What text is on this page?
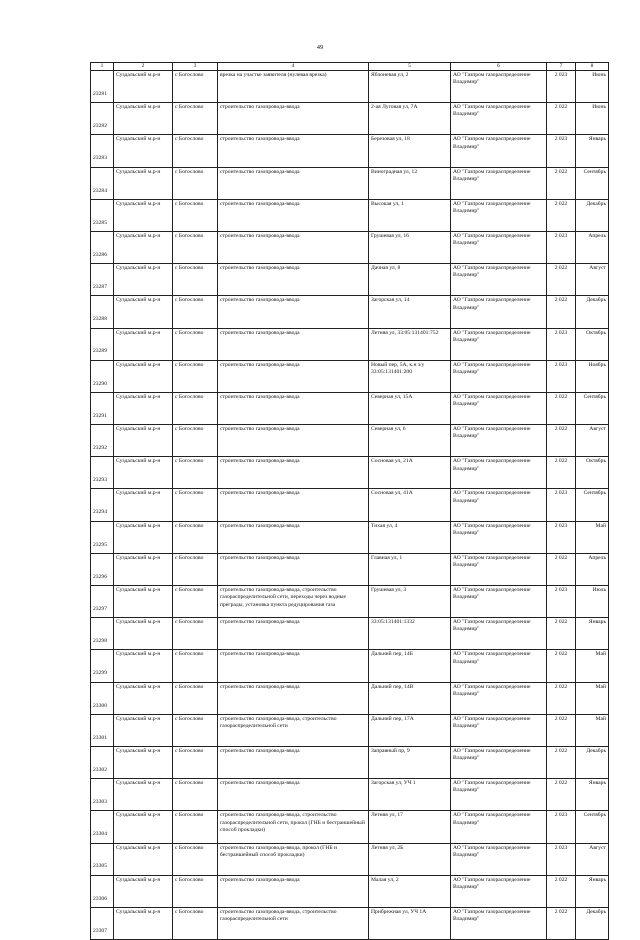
49
1	2	3	4	5	6	7	8
23281	Суздальский м.р-н	с Богослово	врезка на участке заявителя (нулевая врезка)	Яблоневая ул, 2	АО "Газпром газораспределение Владимир"	2 023	Июнь
23282	Суздальский м.р-н	с Богослово	строительство газопровода-ввода	2-ая Луговая ул, 7А	АО "Газпром газораспределение Владимир"	2 022	Июнь
23283	Суздальский м.р-н	с Богослово	строительство газопровода-ввода	Березовая ул, 18	АО "Газпром газораспределение Владимир"	2 023	Январь
23284	Суздальский м.р-н	с Богослово	строительство газопровода-ввода	Виноградная ул, 12	АО "Газпром газораспределение Владимир"	2 022	Сентябрь
23285	Суздальский м.р-н	с Богослово	строительство газопровода-ввода	Высокая ул, 1	АО "Газпром газораспределение Владимир"	2 022	Декабрь
23286	Суздальский м.р-н	с Богослово	строительство газопровода-ввода	Грушевая ул, 16	АО "Газпром газораспределение Владимир"	2 023	Апрель
23287	Суздальский м.р-н	с Богослово	строительство газопровода-ввода	Дачная ул, 8	АО "Газпром газораспределение Владимир"	2 022	Август
23288	Суздальский м.р-н	с Богослово	строительство газопровода-ввода	Загорская ул, 14	АО "Газпром газораспределение Владимир"	2 022	Декабрь
23289	Суздальский м.р-н	с Богослово	строительство газопровода-ввода	Летняя ул, 33:05:131401:752	АО "Газпром газораспределение Владимир"	2 023	Октябрь
23290	Суздальский м.р-н	с Богослово	строительство газопровода-ввода	Новый пер, 5А, к.н з/у 33:05:131401:200	АО "Газпром газораспределение Владимир"	2 023	Ноябрь
23291	Суздальский м.р-н	с Богослово	строительство газопровода-ввода	Северная ул, 15А	АО "Газпром газораспределение Владимир"	2 022	Сентябрь
23292	Суздальский м.р-н	с Богослово	строительство газопровода-ввода	Северная ул, 6	АО "Газпром газораспределение Владимир"	2 022	Август
23293	Суздальский м.р-н	с Богослово	строительство газопровода-ввода	Сосновая ул, 21А	АО "Газпром газораспределение Владимир"	2 022	Октябрь
23294	Суздальский м.р-н	с Богослово	строительство газопровода-ввода	Сосновая ул, 41А	АО "Газпром газораспределение Владимир"	2 023	Сентябрь
23295	Суздальский м.р-н	с Богослово	строительство газопровода-ввода	Тихая ул, 4	АО "Газпром газораспределение Владимир"	2 023	Май
23296	Суздальский м.р-н	с Богослово	строительство газопровода-ввода	Главная ул, 1	АО "Газпром газораспределение Владимир"	2 022	Апрель
23297	Суздальский м.р-н	с Богослово	строительство газопровода-ввода, строительство газораспределительной сети, переходы через водные преграды, установка пункта редуцирования газа	Грушевая ул, 3	АО "Газпром газораспределение Владимир"	2 023	Июль
23298	Суздальский м.р-н	с Богослово	строительство газопровода-ввода	33:05:131401:1332	АО "Газпром газораспределение Владимир"	2 022	Январь
23299	Суздальский м.р-н	с Богослово	строительство газопровода-ввода	Дальний пер, 14Б	АО "Газпром газораспределение Владимир"	2 022	Май
23300	Суздальский м.р-н	с Богослово	строительство газопровода-ввода	Дальний пер, 14В	АО "Газпром газораспределение Владимир"	2 022	Май
23301	Суздальский м.р-н	с Богослово	строительство газопровода-ввода, строительство газораспределительной сети	Дальний пер, 17А	АО "Газпром газораспределение Владимир"	2 022	Май
23302	Суздальский м.р-н	с Богослово	строительство газопровода-ввода	Заправный пр, 9	АО "Газпром газораспределение Владимир"	2 022	Декабрь
23303	Суздальский м.р-н	с Богослово	строительство газопровода-ввода	Загорская ул, УЧ 1	АО "Газпром газораспределение Владимир"	2 022	Январь
23304	Суздальский м.р-н	с Богослово	строительство газопровода-ввода, строительство газораспределительной сети, прокол (ГНБ и бестраншейный способ прокладки)	Летняя ул, 17	АО "Газпром газораспределение Владимир"	2 023	Сентябрь
23305	Суздальский м.р-н	с Богослово	строительство газопровода-ввода, прокол (ГНБ и бестраншейный способ прокладки)	Летняя ул, 2Б	АО "Газпром газораспределение Владимир"	2 023	Август
23306	Суздальский м.р-н	с Богослово	строительство газопровода-ввода	Малая ул, 2	АО "Газпром газораспределение Владимир"	2 022	Январь
23307	Суздальский м.р-н	с Богослово	строительство газопровода-ввода, строительство газораспределительной сети	Прибрежная ул, УЧ 1А	АО "Газпром газораспределение Владимир"	2 022	Декабрь
